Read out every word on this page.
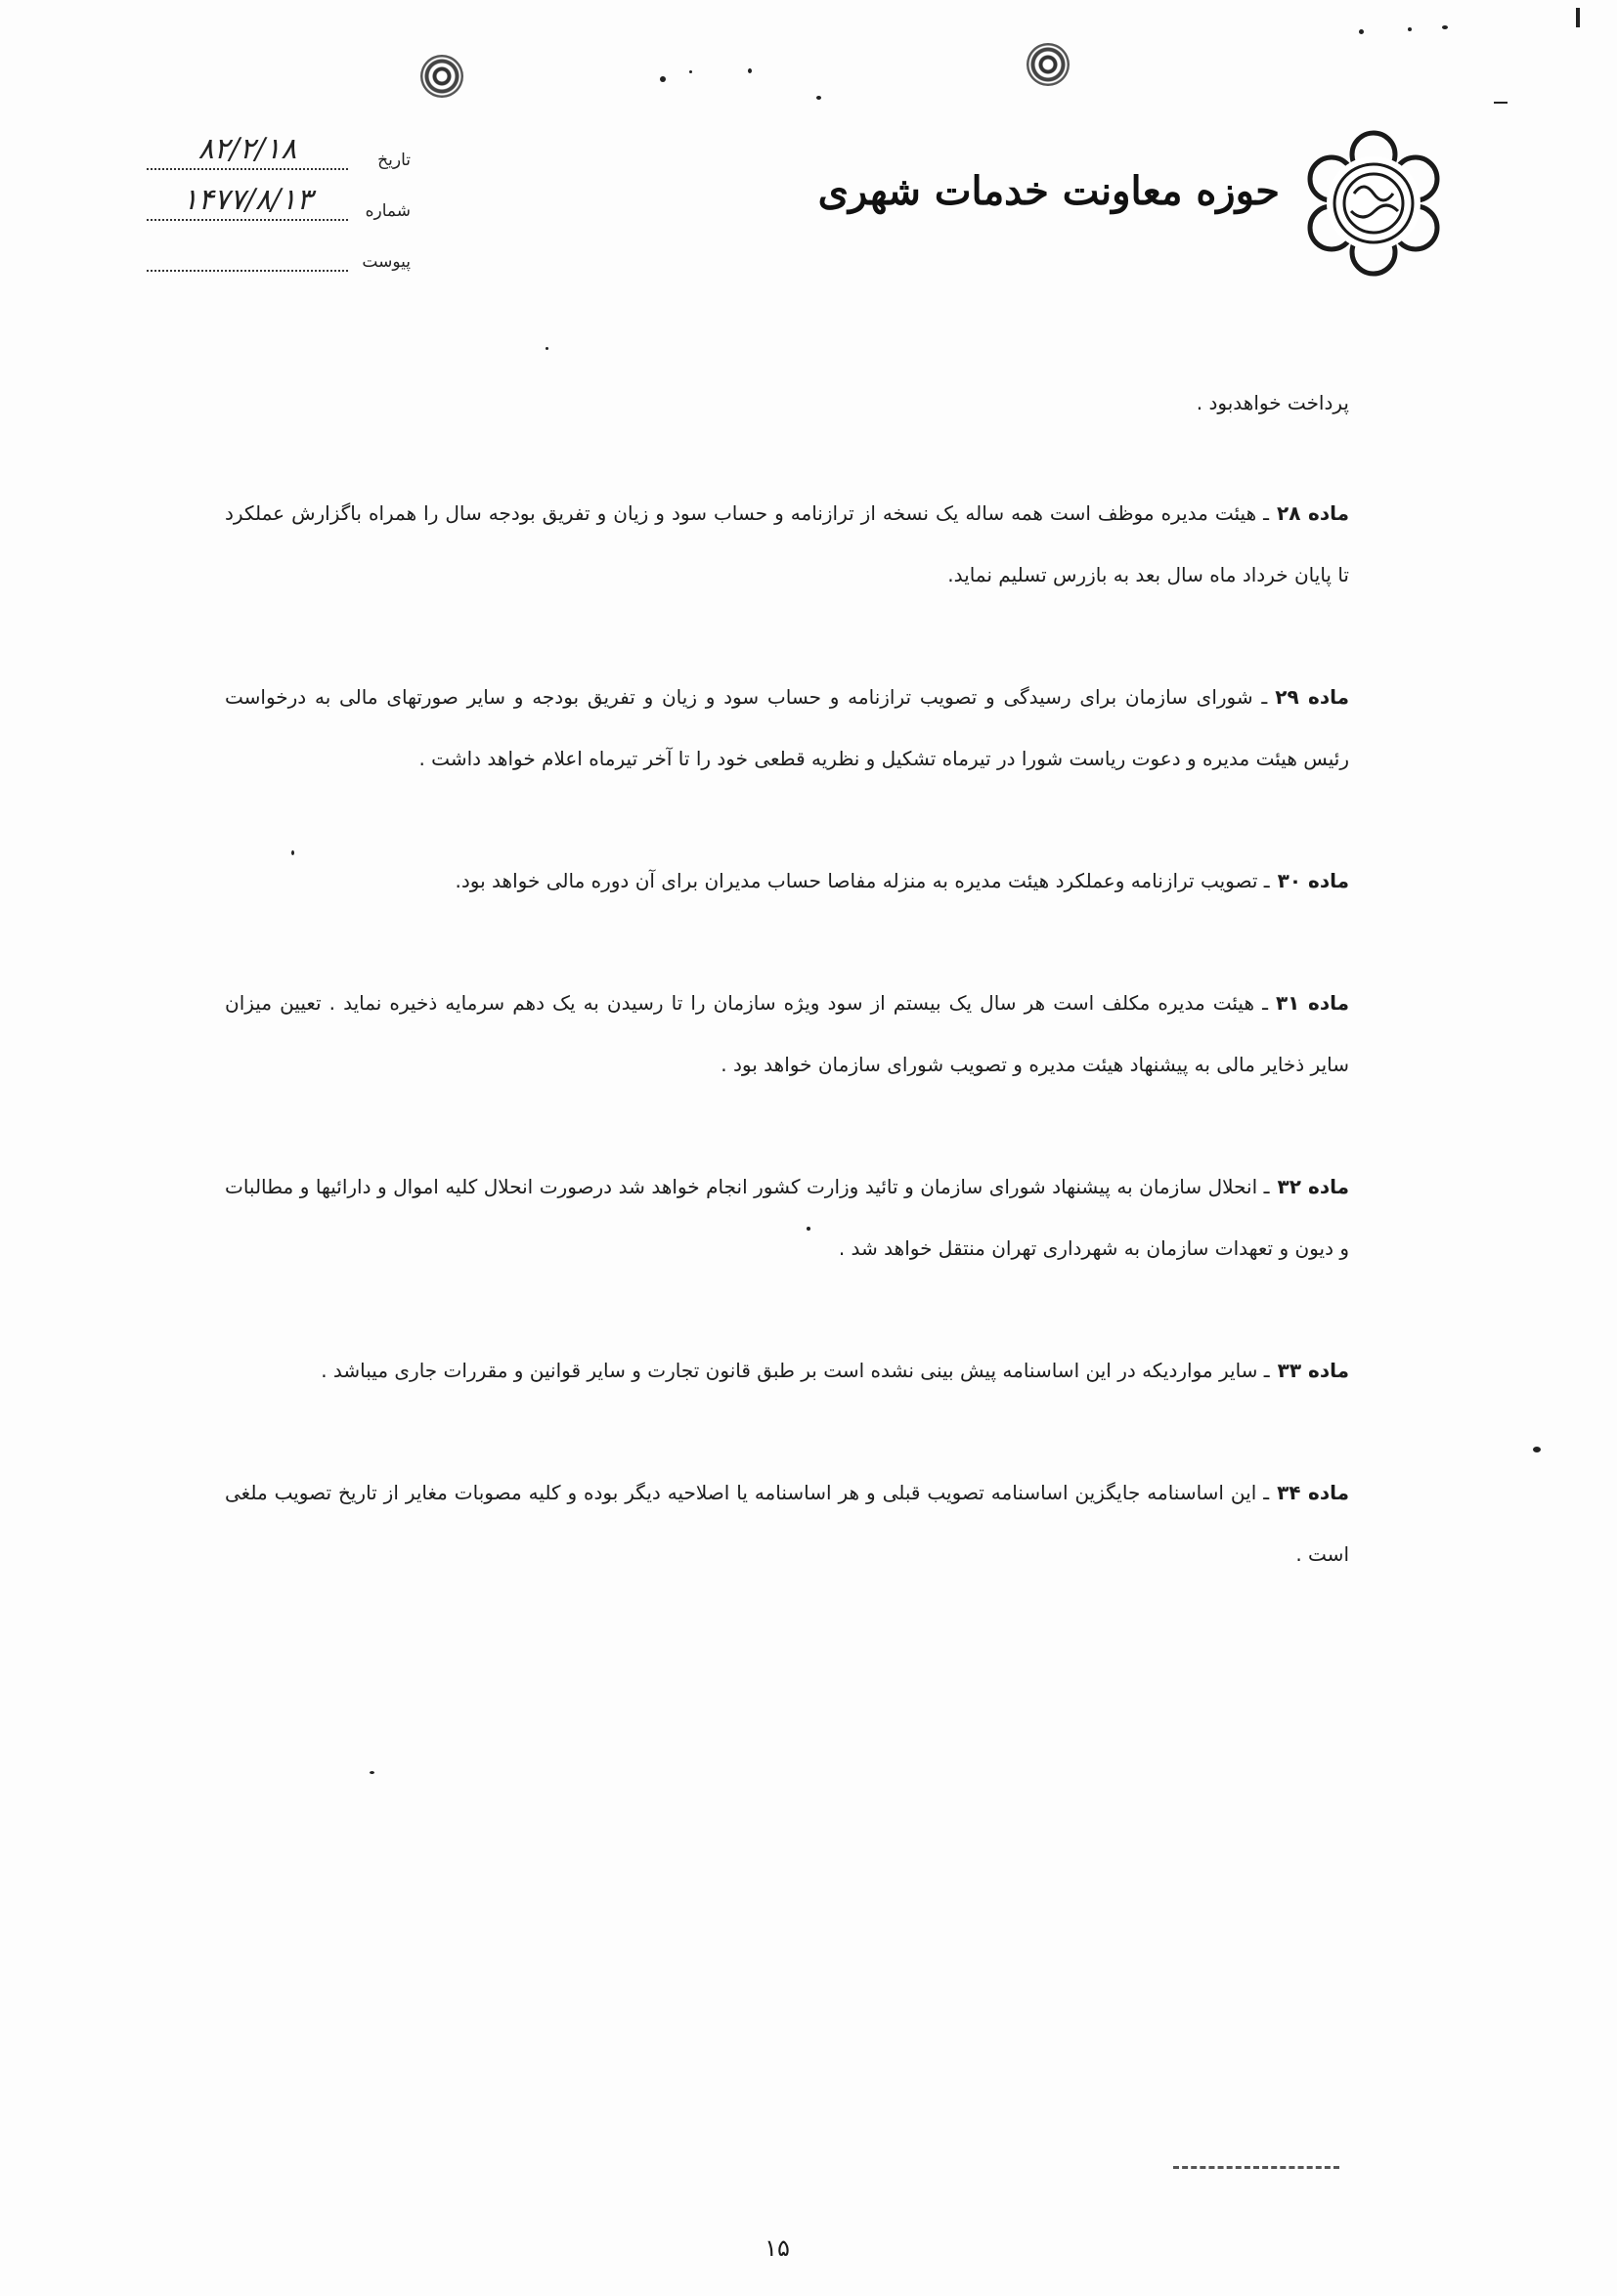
حوزه معاونت خدمات شهری
تاریخ
۸۲/۲/۱۸
شماره
۱۴۷۷/۸/۱۳
پیوست

پرداخت خواهدبود .

ماده ۲۸ـ هیئت مدیره موظف است همه ساله یک نسخه از ترازنامه و حساب سود و زیان و تفریق بودجه سال را همراه باگزارش عملکرد تا پایان خرداد ماه سال بعد به بازرس تسلیم نماید.

ماده ۲۹ـ شورای سازمان برای رسیدگی و تصویب ترازنامه و حساب سود و زیان و تفریق بودجه و سایر صورتهای مالی به درخواست رئیس هیئت مدیره و دعوت ریاست شورا در تیرماه تشکیل و نظریه قطعی خود را تا آخر تیرماه اعلام خواهد داشت .

ماده ۳۰ـ تصویب ترازنامه وعملکرد هیئت مدیره به منزله مفاصا حساب مدیران برای آن دوره مالی خواهد بود.

ماده ۳۱ـ هیئت مدیره مکلف است هر سال یک بیستم از سود ویژه سازمان را تا رسیدن به یک دهم سرمایه ذخیره نماید . تعیین میزان سایر ذخایر مالی به پیشنهاد هیئت مدیره و تصویب شورای سازمان خواهد بود .

ماده ۳۲ـ انحلال سازمان به پیشنهاد شورای سازمان و تائید وزارت کشور انجام خواهد شد درصورت انحلال کلیه اموال و دارائیها و مطالبات و دیون و تعهدات سازمان به شهرداری تهران منتقل خواهد شد .

ماده ۳۳ـ سایر مواردیکه در این اساسنامه پیش بینی نشده است بر طبق قانون تجارت و سایر قوانین و مقررات جاری میباشد .

ماده ۳۴ـ این اساسنامه جایگزین اساسنامه تصویب قبلی و هر اساسنامه یا اصلاحیه دیگر بوده و کلیه مصوبات مغایر از تاریخ تصویب ملغی است .

۱۵
